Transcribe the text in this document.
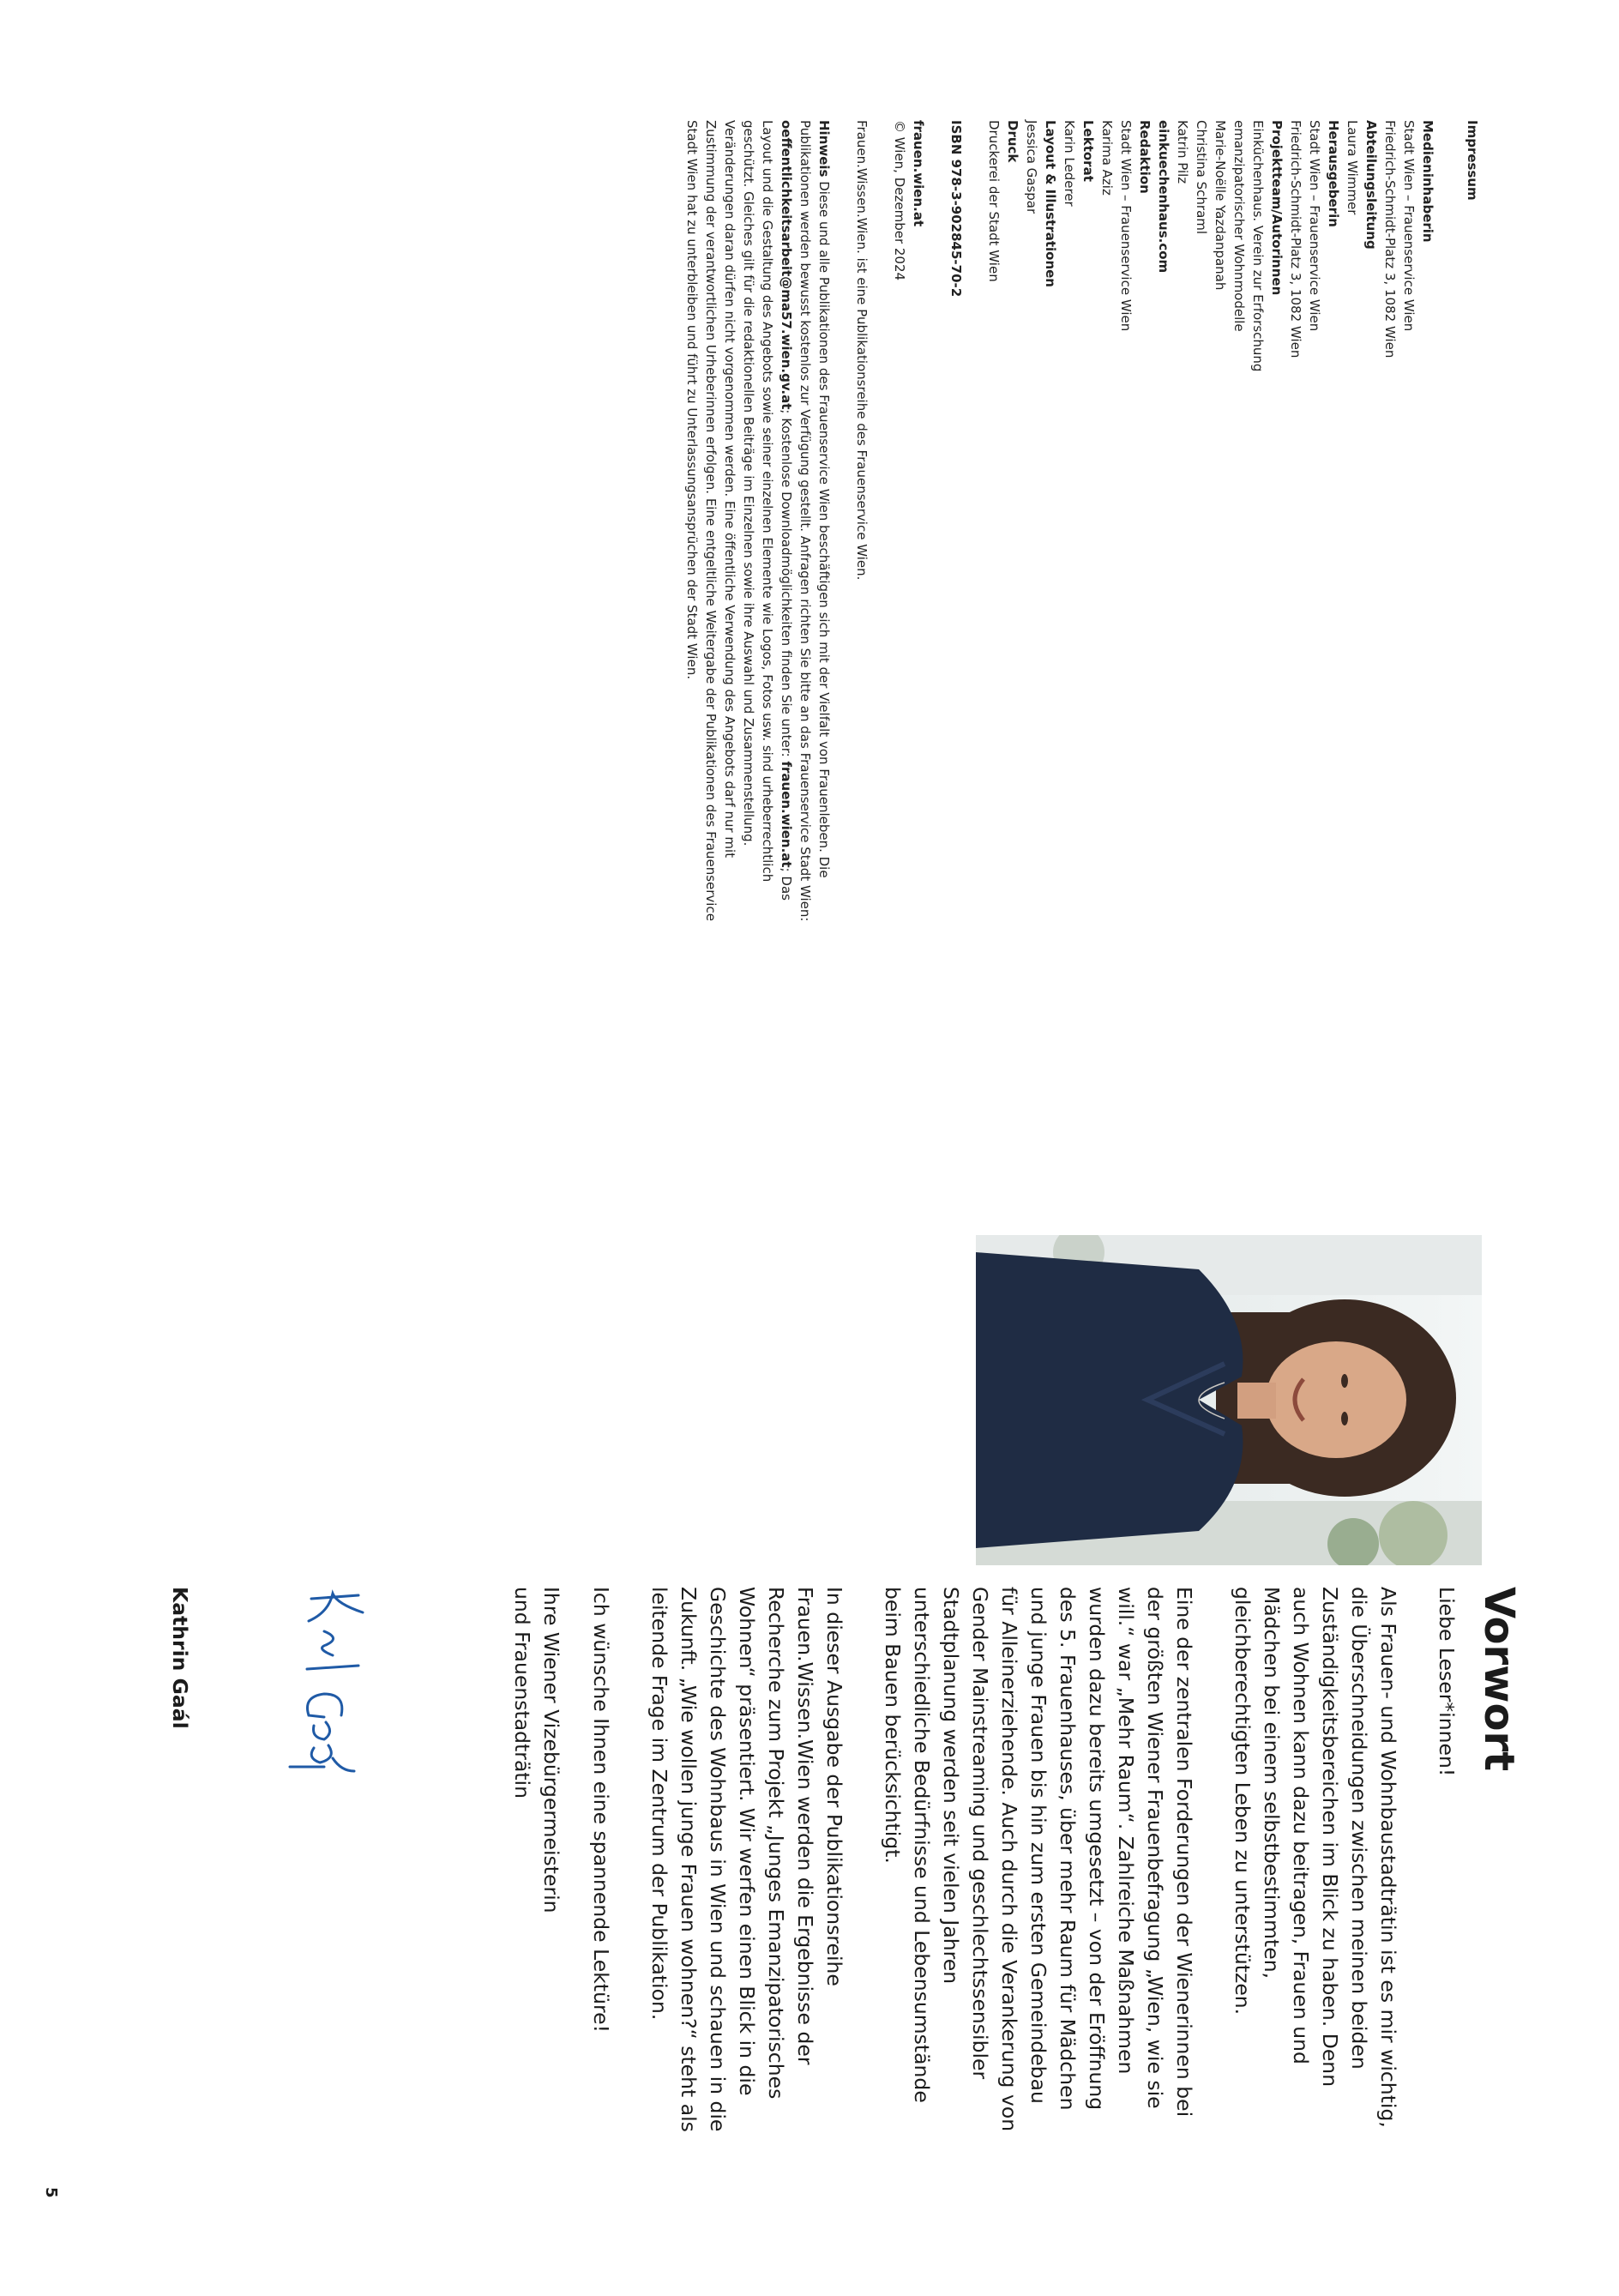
Impressum

Medieninhaberin

Stadt Wien – Frauenservice Wien

Friedrich-Schmidt-Platz 3, 1082 Wien

Abteilungsleitung

Laura Wimmer

Herausgeberin

Stadt Wien – Frauenservice Wien

Friedrich-Schmidt-Platz 3, 1082 Wien

Projektteam/Autorinnen

Einküchenhaus. Verein zur Erforschung

emanzipatorischer Wohnmodelle

Marie-Noëlle Yazdanpanah

Christina Schraml

Katrin Pilz

einkuechenhaus.com

Redaktion

Stadt Wien – Frauenservice Wien

Karima Aziz

Lektorat

Karin Lederer

Layout & Illustrationen

Jessica Gaspar

Druck

Druckerei der Stadt Wien

ISBN 978-3-902845-70-2

frauen.wien.at

© Wien, Dezember 2024

Frauen.Wissen.Wien. ist eine Publikationsreihe des Frauenservice Wien.

Hinweis Diese und alle Publikationen des Frauenservice Wien beschäftigen sich mit der Vielfalt von Frauenleben. Die Publikationen werden bewusst kostenlos zur Verfügung gestellt. Anfragen richten Sie bitte an das Frauenservice Stadt Wien: oeffentlichkeitsarbeit@ma57.wien.gv.at; Kostenlose Downloadmöglichkeiten finden Sie unter: frauen.wien.at; Das Layout und die Gestaltung des Angebots sowie seiner einzelnen Elemente wie Logos, Fotos usw. sind urheberrechtlich geschützt. Gleiches gilt für die redaktionellen Beiträge im Einzelnen sowie ihre Auswahl und Zusammenstellung. Veränderungen daran dürfen nicht vorgenommen werden. Eine öffentliche Verwendung des Angebots darf nur mit Zustimmung der verantwortlichen Urheberinnen erfolgen. Eine entgeltliche Weitergabe der Publikationen des Frauenservice Stadt Wien hat zu unterbleiben und führt zu Unterlassungsansprüchen der Stadt Wien.

Vorwort

Liebe Leser*innen!

Als Frauen- und Wohnbaustadträtin ist es mir wichtig, die Überschneidungen zwischen meinen beiden Zuständigkeitsbereichen im Blick zu haben. Denn auch Wohnen kann dazu beitragen, Frauen und Mädchen bei einem selbstbestimmten, gleichberechtigten Leben zu unterstützen.

Eine der zentralen Forderungen der Wienerinnen bei der größten Wiener Frauenbefragung „Wien, wie sie will.“ war „Mehr Raum“. Zahlreiche Maßnahmen wurden dazu bereits umgesetzt – von der Eröffnung des 5. Frauenhauses, über mehr Raum für Mädchen und junge Frauen bis hin zum ersten Gemeindebau für Alleinerziehende. Auch durch die Verankerung von Gender Mainstreaming und geschlechtssensibler Stadtplanung werden seit vielen Jahren unterschiedliche Bedürfnisse und Lebensumstände beim Bauen berücksichtigt.

In dieser Ausgabe der Publikationsreihe Frauen.Wissen.Wien werden die Ergebnisse der Recherche zum Projekt „Junges Emanzipatorisches Wohnen“ präsentiert. Wir werfen einen Blick in die Geschichte des Wohnbaus in Wien und schauen in die Zukunft. „Wie wollen junge Frauen wohnen?“ steht als leitende Frage im Zentrum der Publikation.

Ich wünsche Ihnen eine spannende Lektüre!

Ihre Wiener Vizebürgermeisterin

und Frauenstadträtin

Kathrin Gaál

5
